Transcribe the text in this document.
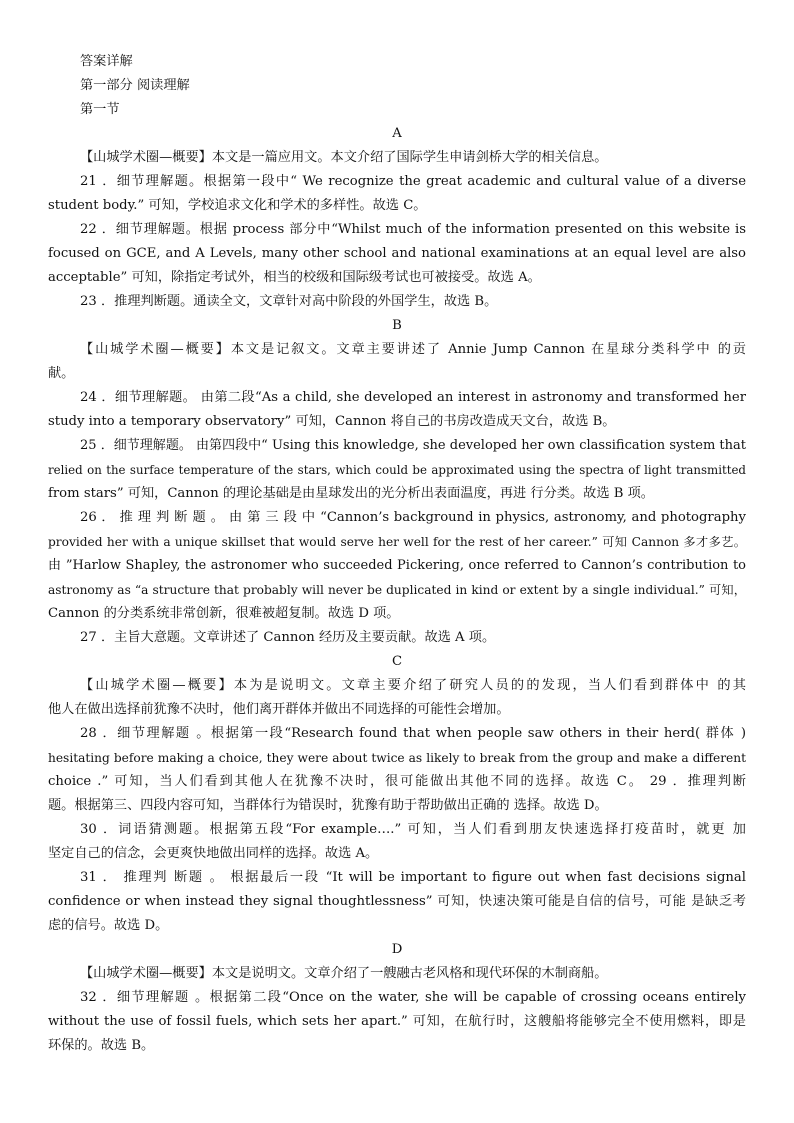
答案详解
第一部分 阅读理解
第一节
A
【山城学术圈—概要】本文是一篇应用文。本文介绍了国际学生申请剑桥大学的相关信息。
21 ．细节理解题。根据第一段中“ We recognize the great academic and cultural value of a diverse
student body.” 可知，学校追求文化和学术的多样性。故选 C。
22 ．细节理解题。根据 process 部分中“Whilst much of the information presented on this website is
focused on GCE, and A Levels, many other school and national examinations at an equal level are also
acceptable” 可知，除指定考试外，相当的校级和国际级考试也可被接受。故选 A。
23 ．推理判断题。通读全文，文章针对高中阶段的外国学生，故选 B。
B
【山城学术圈—概要】本文是记叙文。文章主要讲述了 Annie Jump Cannon 在星球分类科学中 的贡
献。
24 ．细节理解题。 由第二段“As a child, she developed an interest in astronomy and transformed her
study into a temporary observatory” 可知，Cannon 将自己的书房改造成天文台，故选 B。
25 ．细节理解题。 由第四段中“ Using this knowledge, she developed her own classification system that
relied on the surface temperature of the stars, which could be approximated using the spectra of light transmitted
from stars” 可知，Cannon 的理论基础是由星球发出的光分析出表面温度，再进 行分类。故选 B 项。
26 ． 推 理 判 断 题 。 由 第 三 段 中 “Cannon’s background in physics, astronomy, and photography
provided her with a unique skillset that would serve her well for the rest of her career.” 可知 Cannon 多才多艺。
由 ”Harlow Shapley, the astronomer who succeeded Pickering, once referred to Cannon’s contribution to
astronomy as “a structure that probably will never be duplicated in kind or extent by a single individual.” 可知，
Cannon 的分类系统非常创新，很难被超复制。故选 D 项。
27 ．主旨大意题。文章讲述了 Cannon 经历及主要贡献。故选 A 项。
C
【山城学术圈—概要】本为是说明文。文章主要介绍了研究人员的的发现，当人们看到群体中 的其
他人在做出选择前犹豫不决时，他们离开群体并做出不同选择的可能性会增加。
28 ．细节理解题 。根据第一段“Research found that when people saw others in their herd( 群体 )
hesitating before making a choice, they were about twice as likely to break from the group and make a different
choice .” 可知，当人们看到其他人在犹豫不决时，很可能做出其他不同的选择。故选 C。 29 ．推理判断
题。根据第三、四段内容可知，当群体行为错误时，犹豫有助于帮助做出正确的 选择。故选 D。
30 ．词语猜测题。根据第五段“For example….” 可知，当人们看到朋友快速选择打疫苗时，就更 加
坚定自己的信念，会更爽快地做出同样的选择。故选 A。
31 ． 推理判 断题 。 根据最后一段 “It will be important to figure out when fast decisions signal
confidence or when instead they signal thoughtlessness” 可知，快速决策可能是自信的信号，可能 是缺乏考
虑的信号。故选 D。
D
【山城学术圈—概要】本文是说明文。文章介绍了一艘融古老风格和现代环保的木制商船。
32 ．细节理解题 。根据第二段“Once on the water, she will be capable of crossing oceans entirely
without the use of fossil fuels, which sets her apart.” 可知，在航行时，这艘船将能够完全不使用燃料，即是
环保的。故选 B。
